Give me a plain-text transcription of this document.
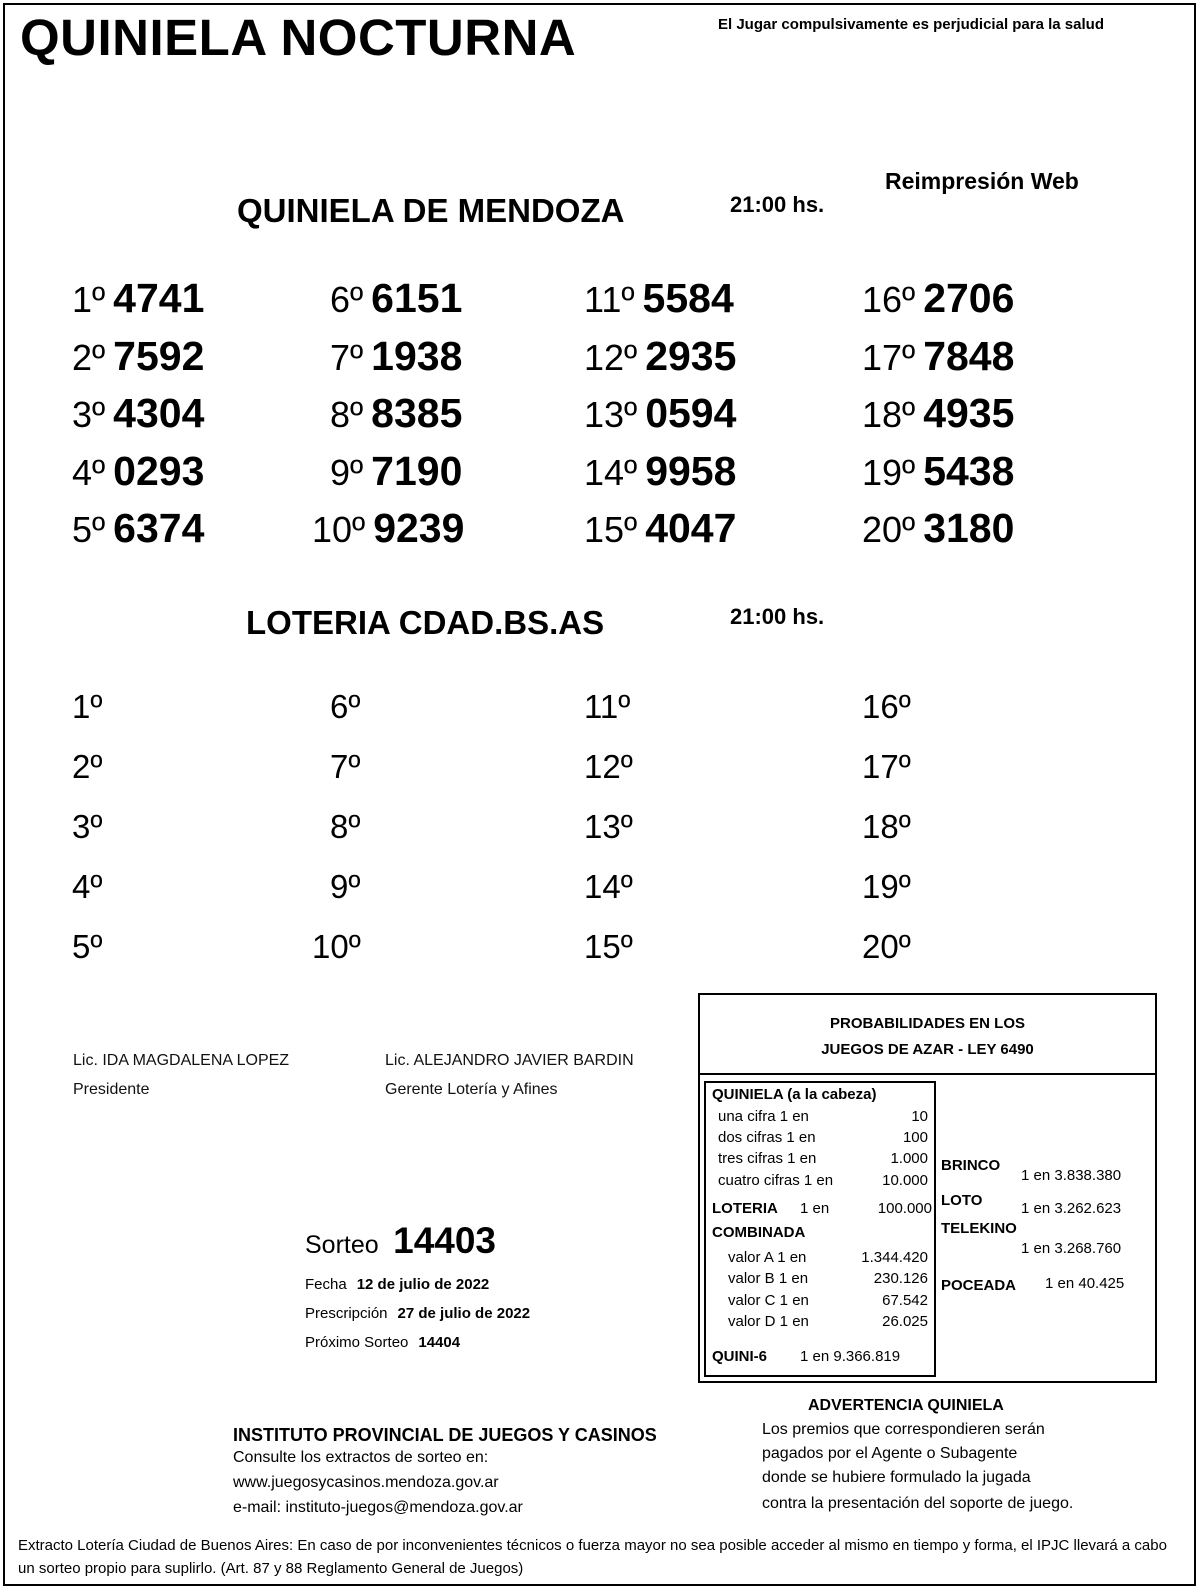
QUINIELA NOCTURNA	El Jugar compulsivamente es perjudicial para la salud
Reimpresión Web
QUINIELA DE MENDOZA	21:00 hs.
1º 4741
2º 7592
3º 4304
4º 0293
5º 6374
6º 6151
7º 1938
8º 8385
9º 7190
10º 9239
11º 5584
12º 2935
13º 0594
14º 9958
15º 4047
16º 2706
17º 7848
18º 4935
19º 5438
20º 3180
LOTERIA CDAD.BS.AS	21:00 hs.
1º
2º
3º
4º
5º
6º
7º
8º
9º
10º
11º
12º
13º
14º
15º
16º
17º
18º
19º
20º
Lic. IDA MAGDALENA LOPEZ
Presidente
Lic. ALEJANDRO JAVIER BARDIN
Gerente Lotería y Afines
Sorteo 14403
Fecha 12 de julio de 2022
Prescripción 27 de julio de 2022
Próximo Sorteo 14404
PROBABILIDADES EN LOS
JUEGOS DE AZAR - LEY 6490
QUINIELA (a la cabeza)
una cifra 1 en	10
dos cifras 1 en	100
tres cifras 1 en	1.000
cuatro cifras 1 en	10.000
LOTERIA 1 en	100.000
COMBINADA
valor A 1 en	1.344.420
valor B 1 en	230.126
valor C 1 en	67.542
valor D 1 en	26.025
QUINI-6 1 en 9.366.819
BRINCO
1 en 3.838.380
LOTO	1 en 3.262.623
TELEKINO
1 en 3.268.760
POCEADA 1 en 40.425
INSTITUTO PROVINCIAL DE JUEGOS Y CASINOS
Consulte los extractos de sorteo en:
www.juegosycasinos.mendoza.gov.ar
e-mail: instituto-juegos@mendoza.gov.ar
ADVERTENCIA QUINIELA
Los premios que correspondieren serán
pagados por el Agente o Subagente
donde se hubiere formulado la jugada
contra la presentación del soporte de juego.
Extracto Lotería Ciudad de Buenos Aires: En caso de por inconvenientes técnicos o fuerza mayor no sea posible acceder al mismo en tiempo y forma, el IPJC llevará a cabo un sorteo propio para suplirlo. (Art. 87 y 88 Reglamento General de Juegos)
